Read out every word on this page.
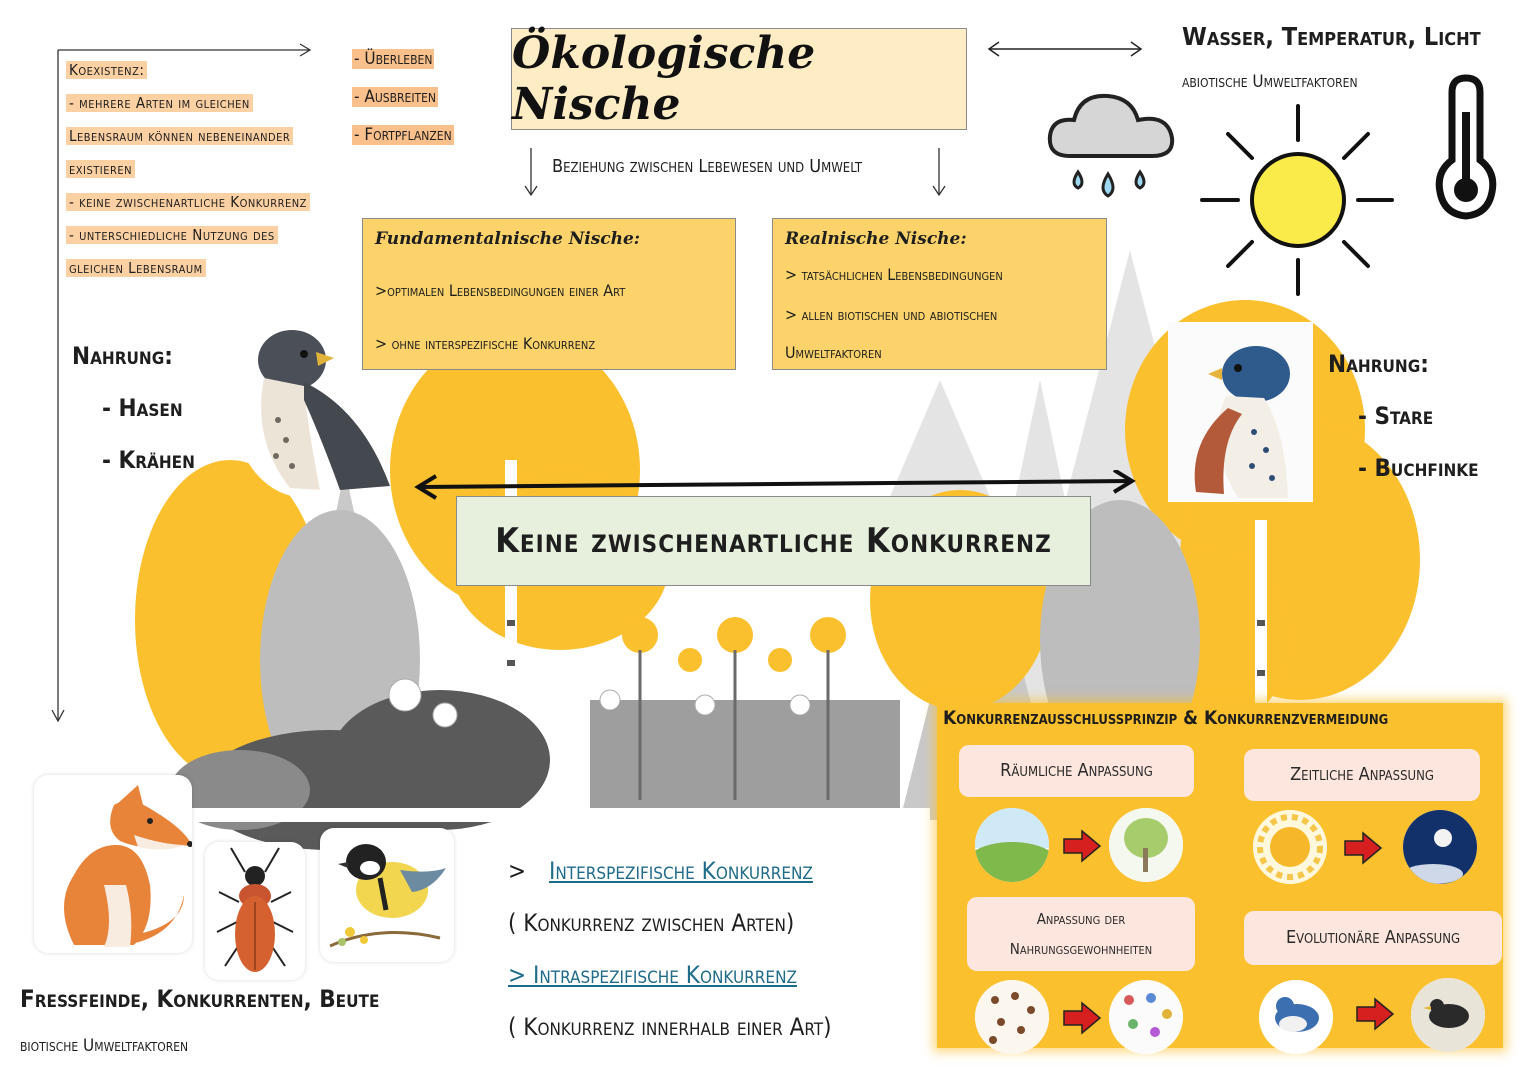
Ökologische Nische
Beziehung zwischen Lebewesen und Umwelt
Koexistenz:
- mehrere Arten im gleichen
Lebensraum können nebeneinander
existieren
- keine zwischenartliche Konkurrenz
- unterschiedliche Nutzung des
gleichen Lebensraum
- Überleben
- Ausbreiten
- Fortpflanzen
Wasser, Temperatur, Licht
abiotische Umweltfaktoren
Fundamentalnische Nische:
>optimalen Lebensbedingungen einer Art
> ohne interspezifische Konkurrenz
Realnische Nische:
> tatsächlichen Lebensbedingungen
> allen biotischen und abiotischen
Umweltfaktoren
Nahrung:
- Hasen
- Krähen
Nahrung:
- Stare
- Buchfinke
Keine zwischenartliche Konkurrenz
Fressfeinde, Konkurrenten, Beute
biotische Umweltfaktoren
> Interspezifische Konkurrenz
( Konkurrenz zwischen Arten)
> Intraspezifische Konkurrenz
( Konkurrenz innerhalb einer Art)
Konkurrenzausschlussprinzip & Konkurrenzvermeidung
Räumliche Anpassung	Zeitliche Anpassung
Anpassung der
Nahrungsgewohnheiten
Evolutionäre Anpassung
